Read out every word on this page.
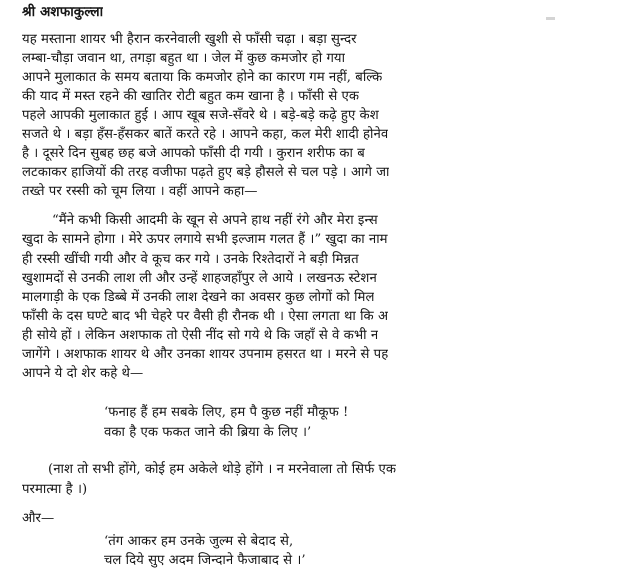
श्री अशफाकुल्ला
यह मस्ताना शायर भी हैरान करनेवाली खुशी से फाँसी चढ़ा । बड़ा सुन्दर
लम्बा-चौड़ा जवान था, तगड़ा बहुत था । जेल में कुछ कमजोर हो गया
आपने मुलाकात के समय बताया कि कमजोर होने का कारण गम नहीं, बल्कि
की याद में मस्त रहने की खातिर रोटी बहुत कम खाना है । फाँसी से एक
पहले आपकी मुलाकात हुई । आप खूब सजे-सँवरे थे । बड़े-बड़े कढ़े हुए केश
सजते थे । बड़ा हँस-हँसकर बातें करते रहे । आपने कहा, कल मेरी शादी होनेव
है । दूसरे दिन सुबह छह बजे आपको फाँसी दी गयी । कुरान शरीफ का ब
लटकाकर हाजियों की तरह वजीफा पढ़ते हुए बड़े हौसले से चल पड़े । आगे जा
तख्ते पर रस्सी को चूम लिया । वहीं आपने कहा—
“मैंने कभी किसी आदमी के खून से अपने हाथ नहीं रंगे और मेरा इन्स
खुदा के सामने होगा । मेरे ऊपर लगाये सभी इल्जाम गलत हैं ।” खुदा का नाम
ही रस्सी खींची गयी और वे कूच कर गये । उनके रिश्तेदारों ने बड़ी मिन्नत
खुशामदों से उनकी लाश ली और उन्हें शाहजहाँपुर ले आये । लखनऊ स्टेशन
मालगाड़ी के एक डिब्बे में उनकी लाश देखने का अवसर कुछ लोगों को मिल
फाँसी के दस घण्टे बाद भी चेहरे पर वैसी ही रौनक थी । ऐसा लगता था कि अ
ही सोये हों । लेकिन अशफाक तो ऐसी नींद सो गये थे कि जहाँ से वे कभी न
जागेंगे । अशफाक शायर थे और उनका शायर उपनाम हसरत था । मरने से पह
आपने ये दो शेर कहे थे—
‘फनाह हैं हम सबके लिए, हम पै कुछ नहीं मौकूफ !
वका है एक फकत जाने की ब्रिया के लिए ।’
(नाश तो सभी होंगे, कोई हम अकेले थोड़े होंगे । न मरनेवाला तो सिर्फ एक
परमात्मा है ।)
और—
‘तंग आकर हम उनके जुल्म से बेदाद से,
चल दिये सुए अदम जिन्दाने फैजाबाद से ।’
